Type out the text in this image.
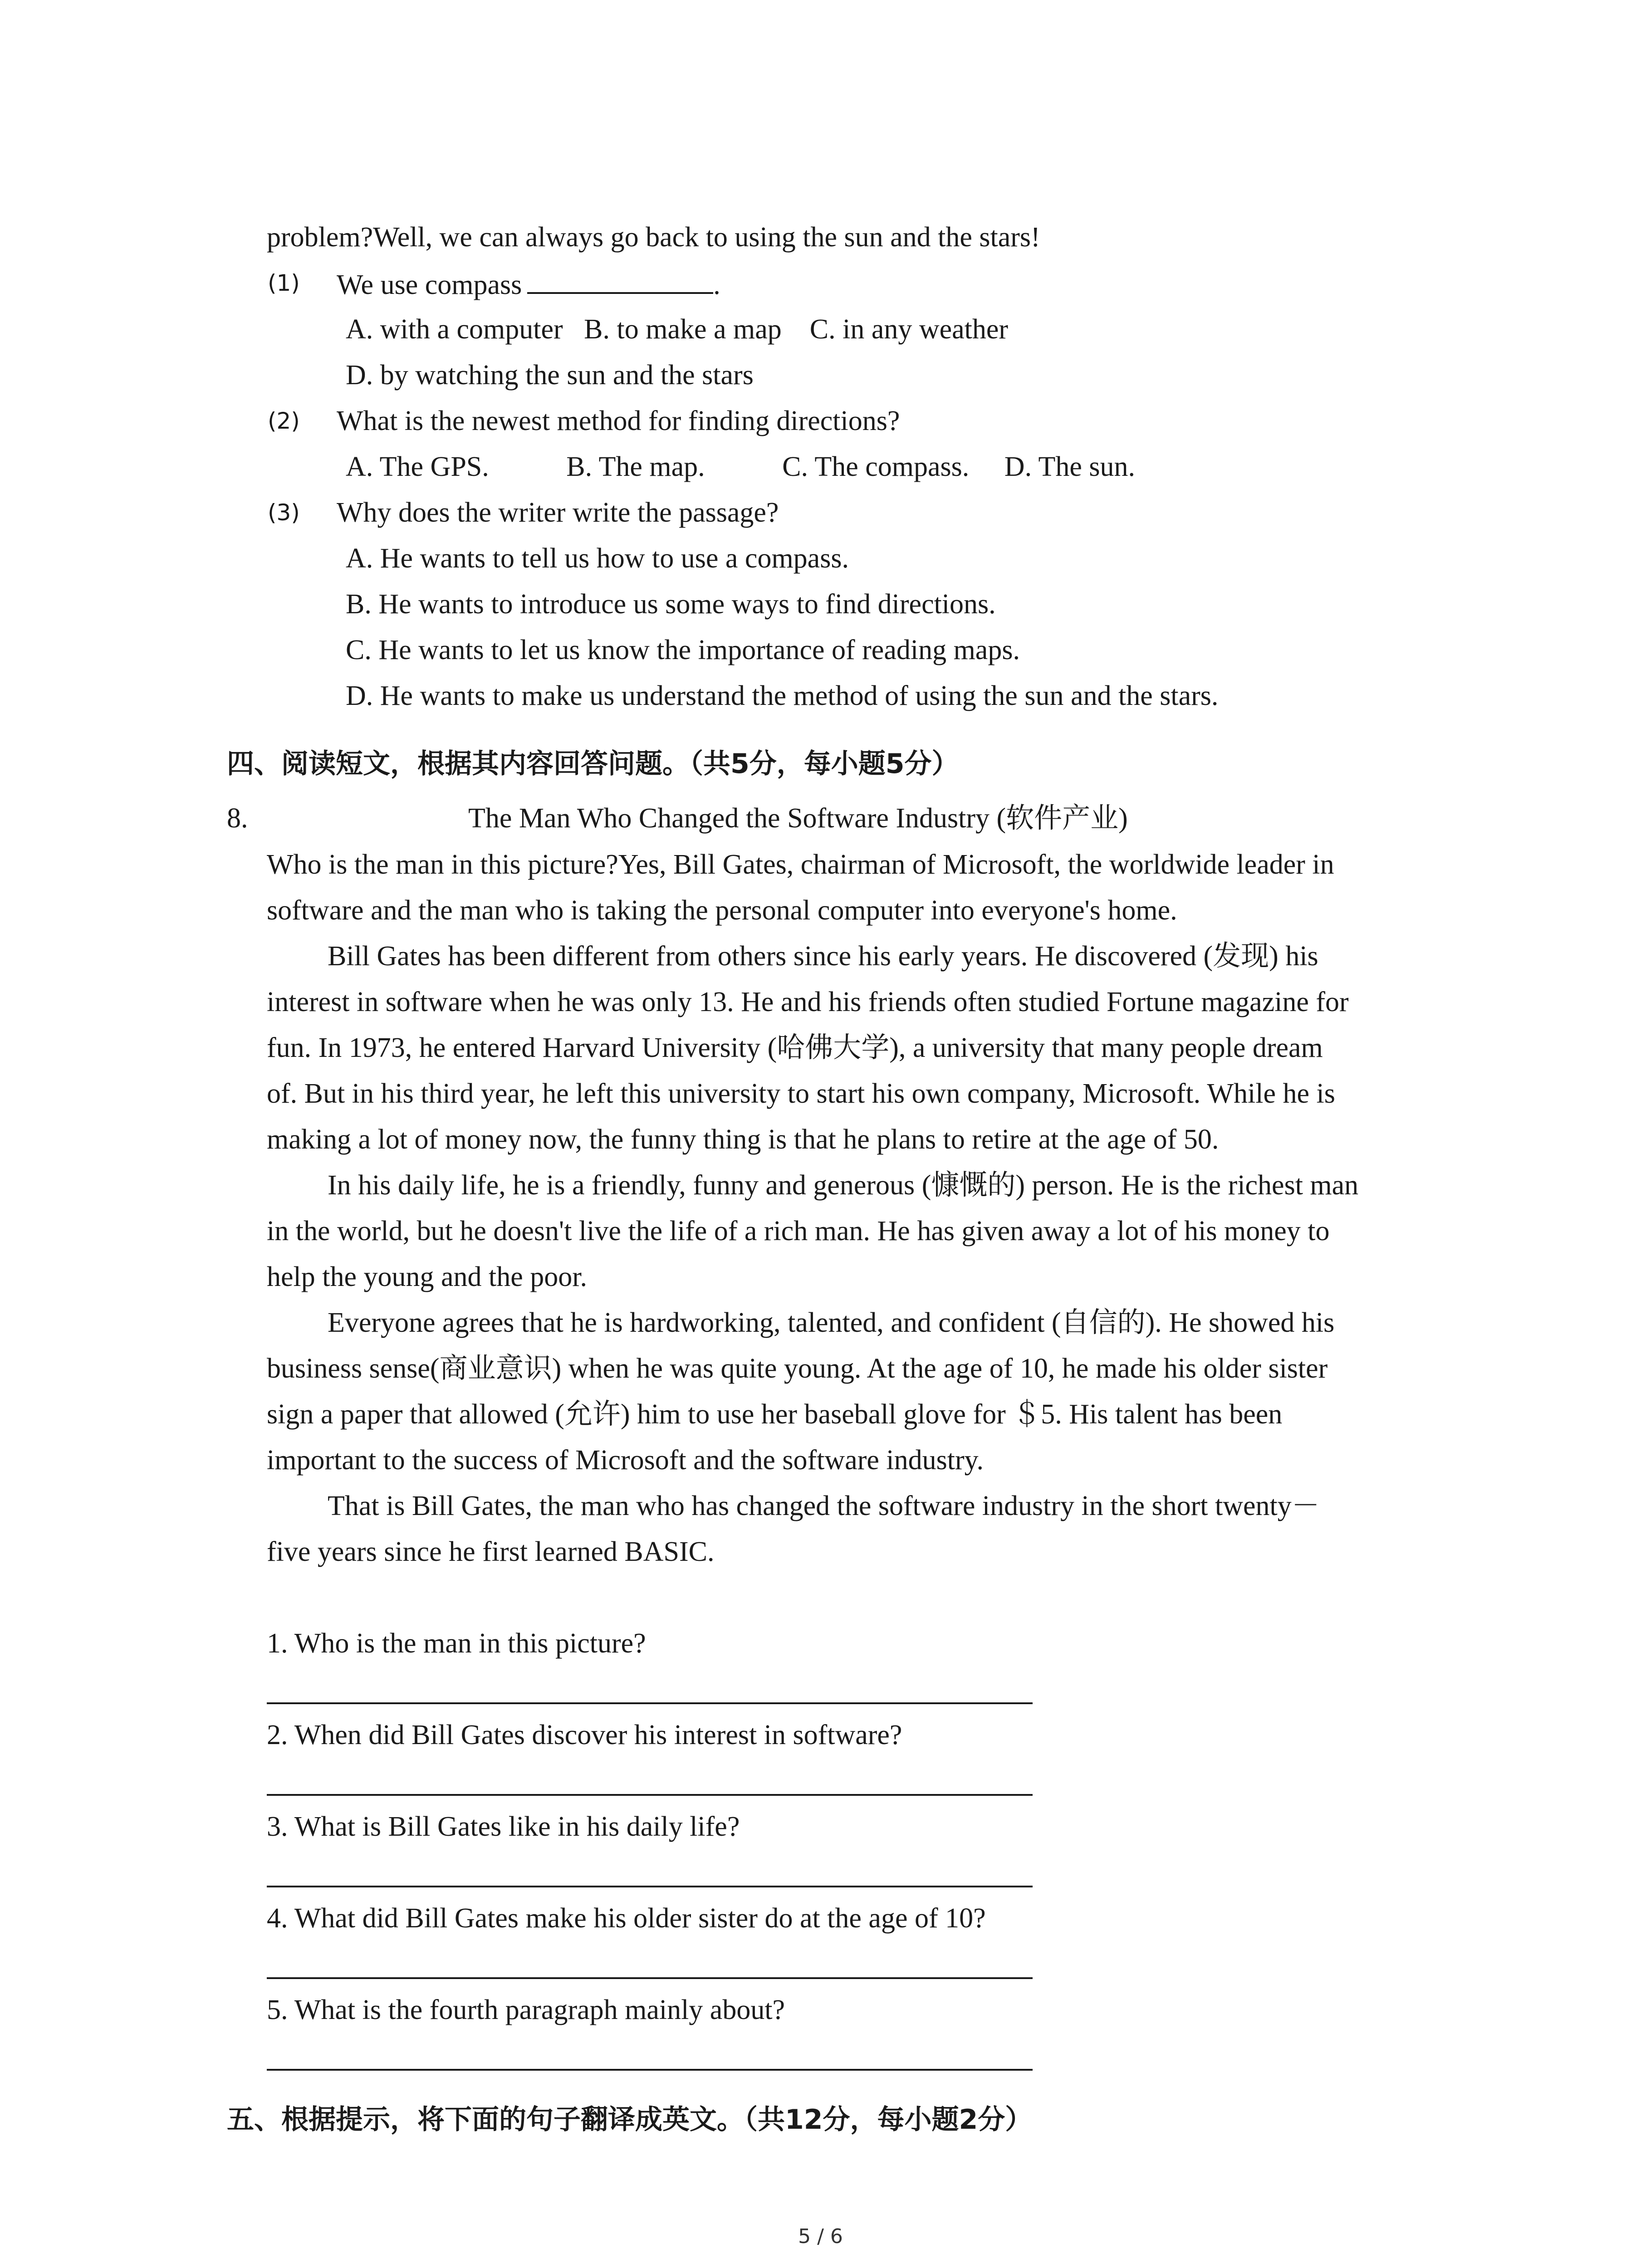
problem?Well, we can always go back to using the sun and the stars!
(1) We use compass	.
A. with a computer   B. to make a map    C. in any weather
D. by watching the sun and the stars
(2) What is the newest method for finding directions?
A. The GPS.           B. The map.           C. The compass.     D. The sun.
(3) Why does the writer write the passage?
A. He wants to tell us how to use a compass.
B. He wants to introduce us some ways to find directions.
C. He wants to let us know the importance of reading maps.
D. He wants to make us understand the method of using the sun and the stars.
四、阅读短文，根据其内容回答问题。（共5分，每小题5分）
8.	The Man Who Changed the Software Industry (软件产业)
Who is the man in this picture?Yes, Bill Gates, chairman of Microsoft, the worldwide leader in
software and the man who is taking the personal computer into everyone's home.
Bill Gates has been different from others since his early years. He discovered (发现) his
interest in software when he was only 13. He and his friends often studied Fortune magazine for
fun. In 1973, he entered Harvard University (哈佛大学), a university that many people dream
of. But in his third year, he left this university to start his own company, Microsoft. While he is
making a lot of money now, the funny thing is that he plans to retire at the age of 50.
In his daily life, he is a friendly, funny and generous (慷慨的) person. He is the richest man
in the world, but he doesn't live the life of a rich man. He has given away a lot of his money to
help the young and the poor.
Everyone agrees that he is hardworking, talented, and confident (自信的). He showed his
business sense(商业意识) when he was quite young. At the age of 10, he made his older sister
sign a paper that allowed (允许) him to use her baseball glove for ＄5. His talent has been
important to the success of Microsoft and the software industry.
That is Bill Gates, the man who has changed the software industry in the short twenty－
five years since he first learned BASIC.
1. Who is the man in this picture?
2. When did Bill Gates discover his interest in software?
3. What is Bill Gates like in his daily life?
4. What did Bill Gates make his older sister do at the age of 10?
5. What is the fourth paragraph mainly about?
五、根据提示，将下面的句子翻译成英文。（共12分，每小题2分）
5 / 6
